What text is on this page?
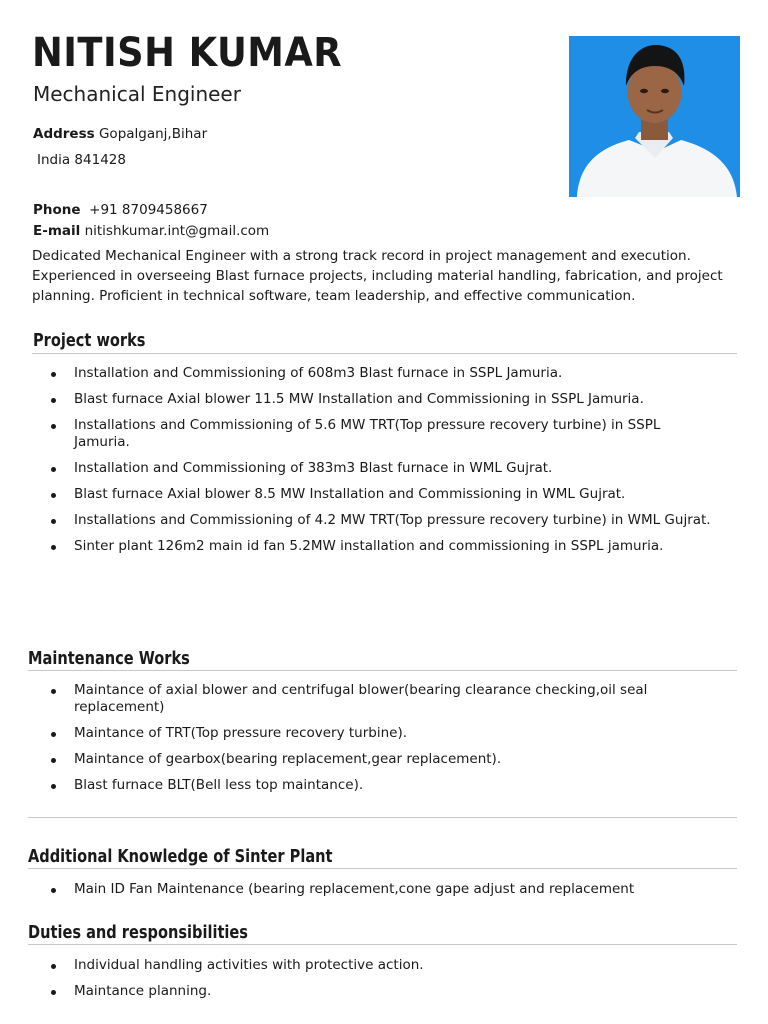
NITISH KUMAR

Mechanical Engineer

Address Gopalganj,Bihar
India 841428
Phone +91 8709458667
E-mail nitishkumar.int@gmail.com

Dedicated Mechanical Engineer with a strong track record in project management and execution. Experienced in overseeing Blast furnace projects, including material handling, fabrication, and project planning. Proficient in technical software, team leadership, and effective communication.

Project works
Installation and Commissioning of 608m3 Blast furnace in SSPL Jamuria.
Blast furnace Axial blower 11.5 MW Installation and Commissioning in SSPL Jamuria.
Installations and Commissioning of 5.6 MW TRT(Top pressure recovery turbine) in SSPL Jamuria.
Installation and Commissioning of 383m3 Blast furnace in WML Gujrat.
Blast furnace Axial blower 8.5 MW Installation and Commissioning in WML Gujrat.
Installations and Commissioning of 4.2 MW TRT(Top pressure recovery turbine) in WML Gujrat.
Sinter plant 126m2 main id fan 5.2MW installation and commissioning in SSPL jamuria.
Maintenance Works
Maintance of axial blower and centrifugal blower(bearing clearance checking,oil seal replacement)
Maintance of TRT(Top pressure recovery turbine).
Maintance of gearbox(bearing replacement,gear replacement).
Blast furnace BLT(Bell less top maintance).
Additional Knowledge of Sinter Plant
Main ID Fan Maintenance (bearing replacement,cone gape adjust and replacement
Duties and responsibilities
Individual handling activities with protective action.
Maintance planning.
